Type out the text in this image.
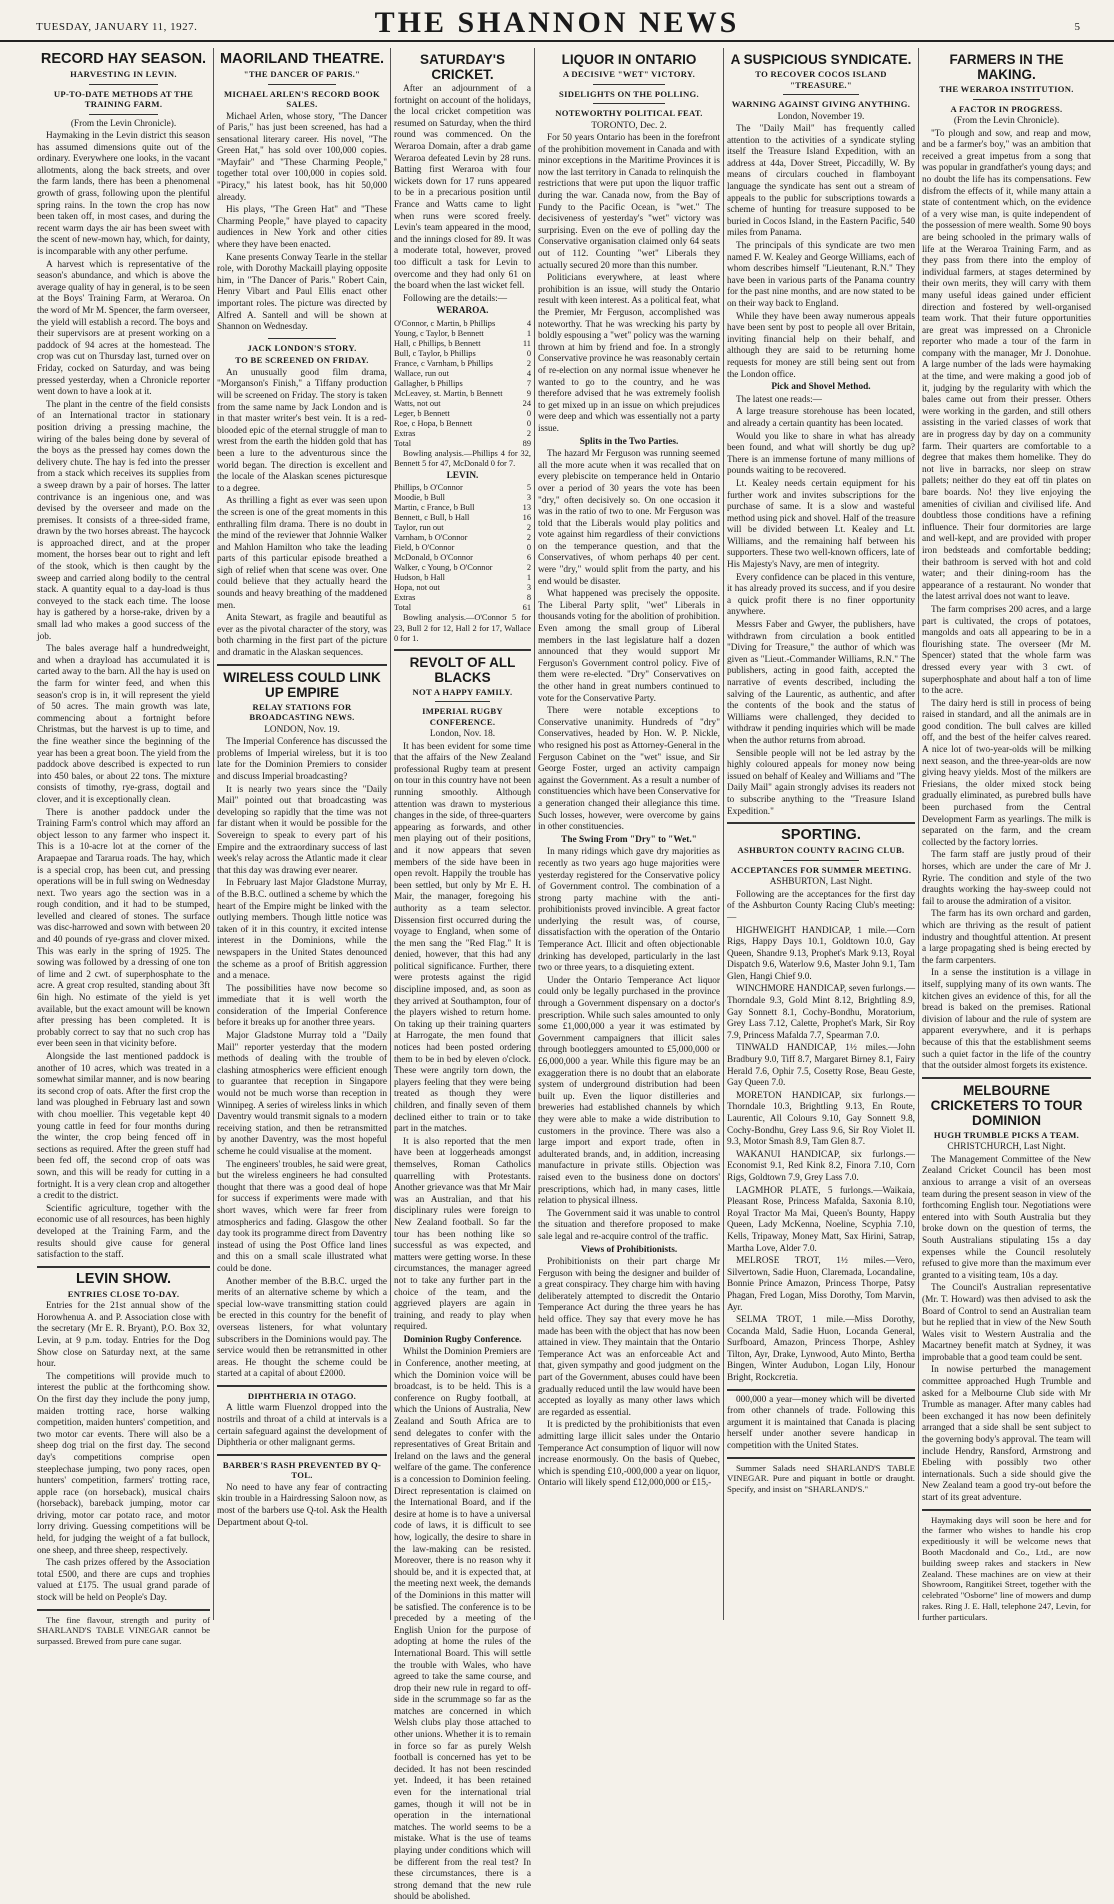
TUESDAY, JANUARY 11, 1927.	THE SHANNON NEWS	5
RECORD HAY SEASON.
HARVESTING IN LEVIN.
UP-TO-DATE METHODS AT THE TRAINING FARM.

(From the Levin Chronicle).

Haymaking in the Levin district this season has assumed dimensions quite out of the ordinary. Everywhere one looks, in the vacant allotments, along the back streets, and over the farm lands, there has been a phenomenal growth of grass, following upon the plentiful spring rains. In the town the crop has now been taken off, in most cases, and during the recent warm days the air has been sweet with the scent of new-mown hay, which, for dainty, is incomparable with any other perfume.

A harvest which is representative of the season's abundance, and which is above the average quality of hay in general, is to be seen at the Boys' Training Farm, at Weraroa. On the word of Mr M. Spencer, the farm overseer, the yield will establish a record. The boys and their supervisors are at present working on a paddock of 94 acres at the homestead. The crop was cut on Thursday last, turned over on Friday, cocked on Saturday, and was being pressed yesterday, when a Chronicle reporter went down to have a look at it.

The plant in the centre of the field consists of an International tractor in stationary position driving a pressing machine, the wiring of the bales being done by several of the boys as the pressed hay comes down the delivery chute. The hay is fed into the presser from a stack which receives its supplies from a sweep drawn by a pair of horses. The latter contrivance is an ingenious one, and was devised by the overseer and made on the premises. It consists of a three-sided frame, drawn by the two horses abreast. The haycock is approached direct, and at the proper moment, the horses bear out to right and left of the stook, which is then caught by the sweep and carried along bodily to the central stack. A quantity equal to a day-load is thus conveyed to the stack each time. The loose hay is gathered by a horse-rake, driven by a small lad who makes a good success of the job.

The bales average half a hundredweight, and when a drayload has accumulated it is carted away to the barn. All the hay is used on the farm for winter feed, and when this season's crop is in, it will represent the yield of 50 acres. The main growth was late, commencing about a fortnight before Christmas, but the harvest is up to time, and the fine weather since the beginning of the year has been a great boon. The yield from the paddock above described is expected to run into 450 bales, or about 22 tons. The mixture consists of timothy, rye-grass, dogtail and clover, and it is exceptionally clean.

There is another paddock under the Training Farm's control which may afford an object lesson to any farmer who inspect it. This is a 10-acre lot at the corner of the Arapaepae and Tararua roads. The hay, which is a special crop, has been cut, and pressing operations will be in full swing on Wednesday next. Two years ago the section was in a rough condition, and it had to be stumped, levelled and cleared of stones. The surface was disc-harrowed and sown with between 20 and 40 pounds of rye-grass and clover mixed. This was early in the spring of 1925. The sowing was followed by a dressing of one ton of lime and 2 cwt. of superphosphate to the acre. A great crop resulted, standing about 3ft 6in high. No estimate of the yield is yet available, but the exact amount will be known after pressing has been completed. It is probably correct to say that no such crop has ever been seen in that vicinity before.

Alongside the last mentioned paddock is another of 10 acres, which was treated in a somewhat similar manner, and is now bearing its second crop of oats. After the first crop the land was ploughed in February last and sown with chou moellier. This vegetable kept 40 young cattle in feed for four months during the winter, the crop being fenced off in sections as required. After the green stuff had been fed off, the second crop of oats was sown, and this will be ready for cutting in a fortnight. It is a very clean crop and altogether a credit to the district.

Scientific agriculture, together with the economic use of all resources, has been highly developed at the Training Farm, and the results should give cause for general satisfaction to the staff.

LEVIN SHOW.
ENTRIES CLOSE TO-DAY.

Entries for the 21st annual show of the Horowhenua A. and P. Association close with the secretary (Mr E. R. Bryant), P.O. Box 32, Levin, at 9 p.m. today. Entries for the Dog Show close on Saturday next, at the same hour.

The competitions will provide much to interest the public at the forthcoming show. On the first day they include the pony jump, maiden trotting race, horse walking competition, maiden hunters' competition, and two motor car events. There will also be a sheep dog trial on the first day. The second day's competitions comprise open steeplechase jumping, two pony races, open hunters' competition, farmers' trotting race, apple race (on horseback), musical chairs (horseback), bareback jumping, motor car driving, motor car potato race, and motor lorry driving. Guessing competitions will be held, for judging the weight of a fat bullock, one sheep, and three sheep, respectively.

The cash prizes offered by the Association total £500, and there are cups and trophies valued at £175. The usual grand parade of stock will be held on People's Day.

The fine flavour, strength and purity of SHARLAND'S TABLE VINEGAR cannot be surpassed. Brewed from pure cane sugar.

MAORILAND THEATRE.
"THE DANCER OF PARIS."
MICHAEL ARLEN'S RECORD BOOK SALES.

Michael Arlen, whose story, "The Dancer of Paris," has just been screened, has had a sensational literary career. His novel, "The Green Hat," has sold over 100,000 copies. "Mayfair" and "These Charming People," together total over 100,000 in copies sold. "Piracy," his latest book, has hit 50,000 already.

His plays, "The Green Hat" and "These Charming People," have played to capacity audiences in New York and other cities where they have been enacted.

Kane presents Conway Tearle in the stellar role, with Dorothy Mackaill playing opposite him, in "The Dancer of Paris." Robert Cain, Henry Vibart and Paul Ellis enact other important roles. The picture was directed by Alfred A. Santell and will be shown at Shannon on Wednesday.

JACK LONDON'S STORY.
TO BE SCREENED ON FRIDAY.

An unusually good film drama, "Morganson's Finish," a Tiffany production will be screened on Friday. The story is taken from the same name by Jack London and is in that master writer's best vein. It is a red-blooded epic of the eternal struggle of man to wrest from the earth the hidden gold that has been a lure to the adventurous since the world began. The direction is excellent and the locale of the Alaskan scenes picturesque to a degree.

As thrilling a fight as ever was seen upon the screen is one of the great moments in this enthralling film drama. There is no doubt in the mind of the reviewer that Johnnie Walker and Mahlon Hamilton who take the leading parts of this particular episode breathed a sigh of relief when that scene was over. One could believe that they actually heard the sounds and heavy breathing of the maddened men.

Anita Stewart, as fragile and beautiful as ever as the pivotal character of the story, was both charming in the first part of the picture and dramatic in the Alaskan sequences.

WIRELESS COULD LINK UP EMPIRE
RELAY STATIONS FOR BROADCASTING NEWS.

LONDON, Nov. 19.

The Imperial Conference has discussed the problems of Imperial wireless, but it is too late for the Dominion Premiers to consider and discuss Imperial broadcasting?

It is nearly two years since the "Daily Mail" pointed out that broadcasting was developing so rapidly that the time was not far distant when it would be possible for the Sovereign to speak to every part of his Empire and the extraordinary success of last week's relay across the Atlantic made it clear that this day was drawing ever nearer.

In February last Major Gladstone Murray, of the B.B.C. outlined a scheme by which the heart of the Empire might be linked with the outlying members. Though little notice was taken of it in this country, it excited intense interest in the Dominions, while the newspapers in the United States denounced the scheme as a proof of British aggression and a menace.

The possibilities have now become so immediate that it is well worth the consideration of the Imperial Conference before it breaks up for another three years.

Major Gladstone Murray told a "Daily Mail" reporter yesterday that the modern methods of dealing with the trouble of clashing atmospherics were efficient enough to guarantee that reception in Singapore would not be much worse than reception in Winnipeg. A series of wireless links in which Daventry would transmit signals to a modern receiving station, and then be retransmitted by another Daventry, was the most hopeful scheme he could visualise at the moment.

The engineers' troubles, he said were great, but the wireless engineers he had consulted thought that there was a good deal of hope for success if experiments were made with short waves, which were far freer from atmospherics and fading. Glasgow the other day took its programme direct from Daventry instead of using the Post Office land lines and this on a small scale illustrated what could be done.

Another member of the B.B.C. urged the merits of an alternative scheme by which a special low-wave transmitting station could be erected in this country for the benefit of overseas listeners, for what voluntary subscribers in the Dominions would pay. The service would then be retransmitted in other areas. He thought the scheme could be started at a capital of about £2000.

DIPHTHERIA IN OTAGO.

A little warm Fluenzol dropped into the nostrils and throat of a child at intervals is a certain safeguard against the development of Diphtheria or other malignant germs.

BARBER'S RASH PREVENTED BY Q-TOL.

No need to have any fear of contracting skin trouble in a Hairdressing Saloon now, as most of the barbers use Q-tol. Ask the Health Department about Q-tol.

SATURDAY'S CRICKET.

After an adjournment of a fortnight on account of the holidays, the local cricket competition was resumed on Saturday, when the third round was commenced. On the Weraroa Domain, after a drab game Weraroa defeated Levin by 28 runs. Batting first Weraroa with four wickets down for 17 runs appeared to be in a precarious position until France and Watts came to light when runs were scored freely. Levin's team appeared in the mood, and the innings closed for 89. It was a moderate total, however, proved too difficult a task for Levin to overcome and they had only 61 on the board when the last wicket fell.

Following are the details:—

WERAROA.

O'Connor, c Martin, b Phillips	4
Young, c Taylor, b Bennett	1
Hall, c Phillips, b Bennett	11
Bull, c Taylor, b Phillips	0
France, c Varnham, b Phillips	2
Wallace, run out	4
Gallagher, b Phillips	7
McLeavey, st. Martin, b Bennett	9
Watts, not out	24
Leger, b Bennett	0
Roe, c Hopa, b Bennett	0
Extras	2
Total	89

Bowling analysis.—Phillips 4 for 32, Bennett 5 for 47, McDonald 0 for 7.

LEVIN.

Phillips, b O'Connor	5
Moodie, b Bull	3
Martin, c France, b Bull	13
Bennett, c Bull, b Hall	16
Taylor, run out	2
Varnham, b O'Connor	2
Field, b O'Connor	0
McDonald, b O'Connor	6
Walker, c Young, b O'Connor	2
Hudson, b Hall	1
Hopa, not out	3
Extras	8
Total	61

Bowling analysis.—O'Connor 5 for 23, Bull 2 for 12, Hall 2 for 17, Wallace 0 for 1.

REVOLT OF ALL BLACKS
NOT A HAPPY FAMILY.
IMPERIAL RUGBY CONFERENCE.

London, Nov. 18.

It has been evident for some time that the affairs of the New Zealand professional Rugby team at present on tour in this country have not been running smoothly. Although attention was drawn to mysterious changes in the side, of three-quarters appearing as forwards, and other men playing out of their positions, and it now appears that seven members of the side have been in open revolt. Happily the trouble has been settled, but only by Mr E. H. Mair, the manager, foregoing his authority as a team selector. Dissension first occurred during the voyage to England, when some of the men sang the "Red Flag." It is denied, however, that this had any political significance. Further, there were protests against the rigid discipline imposed, and, as soon as they arrived at Southampton, four of the players wished to return home. On taking up their training quarters at Harrogate, the men found that notices had been posted ordering them to be in bed by eleven o'clock. These were angrily torn down, the players feeling that they were being treated as though they were children, and finally seven of them declined either to train or to take part in the matches.

It is also reported that the men have been at loggerheads amongst themselves, Roman Catholics quarrelling with Protestants. Another grievance was that Mr Mair was an Australian, and that his disciplinary rules were foreign to New Zealand football. So far the tour has been nothing like so successful as was expected, and matters were getting worse. In these circumstances, the manager agreed not to take any further part in the choice of the team, and the aggrieved players are again in training, and ready to play when required.

Dominion Rugby Conference.

Whilst the Dominion Premiers are in Conference, another meeting, at which the Dominion voice will be broadcast, is to be held. This is a conference on Rugby football, at which the Unions of Australia, New Zealand and South Africa are to send delegates to confer with the representatives of Great Britain and Ireland on the laws and the general welfare of the game. The conference is a concession to Dominion feeling. Direct representation is claimed on the International Board, and if the desire at home is to have a universal code of laws, it is difficult to see how, logically, the desire to share in the law-making can be resisted. Moreover, there is no reason why it should be, and it is expected that, at the meeting next week, the demands of the Dominions in this matter will be satisfied. The conference is to be preceded by a meeting of the English Union for the purpose of adopting at home the rules of the International Board. This will settle the trouble with Wales, who have agreed to take the same course, and drop their new rule in regard to off-side in the scrummage so far as the matches are concerned in which Welsh clubs play those attached to other unions. Whether it is to remain in force so far as purely Welsh football is concerned has yet to be decided. It has not been rescinded yet. Indeed, it has been retained even for the international trial games, though it will not be in operation in the international matches. The world seems to be a mistake. What is the use of teams playing under conditions which will be different from the real test? In these circumstances, there is a strong demand that the new rule should be abolished.

LIQUOR IN ONTARIO
A DECISIVE "WET" VICTORY.
SIDELIGHTS ON THE POLLING.
NOTEWORTHY POLITICAL FEAT.

TORONTO, Dec. 2.

For 50 years Ontario has been in the forefront of the prohibition movement in Canada and with minor exceptions in the Maritime Provinces it is now the last territory in Canada to relinquish the restrictions that were put upon the liquor traffic during the war. Canada now, from the Bay of Fundy to the Pacific Ocean, is "wet." The decisiveness of yesterday's "wet" victory was surprising. Even on the eve of polling day the Conservative organisation claimed only 64 seats out of 112. Counting "wet" Liberals they actually secured 20 more than this number.

Politicians everywhere, at least where prohibition is an issue, will study the Ontario result with keen interest. As a political feat, what the Premier, Mr Ferguson, accomplished was noteworthy. That he was wrecking his party by boldly espousing a "wet" policy was the warning thrown at him by friend and foe. In a strongly Conservative province he was reasonably certain of re-election on any normal issue whenever he wanted to go to the country, and he was therefore advised that he was extremely foolish to get mixed up in an issue on which prejudices were deep and which was essentially not a party issue.

Splits in the Two Parties.

The hazard Mr Ferguson was running seemed all the more acute when it was recalled that on every plebiscite on temperance held in Ontario over a period of 30 years the vote has been "dry," often decisively so. On one occasion it was in the ratio of two to one. Mr Ferguson was told that the Liberals would play politics and vote against him regardless of their convictions on the temperance question, and that the Conservatives, of whom perhaps 40 per cent. were "dry," would split from the party, and his end would be disaster.

What happened was precisely the opposite. The Liberal Party split, "wet" Liberals in thousands voting for the abolition of prohibition. Even among the small group of Liberal members in the last legislature half a dozen announced that they would support Mr Ferguson's Government control policy. Five of them were re-elected. "Dry" Conservatives on the other hand in great numbers continued to vote for the Conservative Party.

There were notable exceptions to Conservative unanimity. Hundreds of "dry" Conservatives, headed by Hon. W. P. Nickle, who resigned his post as Attorney-General in the Ferguson Cabinet on the "wet" issue, and Sir George Foster, urged an activity campaign against the Government. As a result a number of constituencies which have been Conservative for a generation changed their allegiance this time. Such losses, however, were overcome by gains in other constituencies.

The Swing From "Dry" to "Wet."

In many ridings which gave dry majorities as recently as two years ago huge majorities were yesterday registered for the Conservative policy of Government control. The combination of a strong party machine with the anti-prohibitionists proved invincible. A great factor underlying the result was, of course, dissatisfaction with the operation of the Ontario Temperance Act. Illicit and often objectionable drinking has developed, particularly in the last two or three years, to a disquieting extent.

Under the Ontario Temperance Act liquor could only be legally purchased in the province through a Government dispensary on a doctor's prescription. While such sales amounted to only some £1,000,000 a year it was estimated by Government campaigners that illicit sales through bootleggers amounted to £5,000,000 or £6,000,000 a year. While this figure may be an exaggeration there is no doubt that an elaborate system of underground distribution had been built up. Even the liquor distilleries and breweries had established channels by which they were able to make a wide distribution to customers in the province. There was also a large import and export trade, often in adulterated brands, and, in addition, increasing manufacture in private stills. Objection was raised even to the business done on doctors' prescriptions, which had, in many cases, little relation to physical illness.

The Government said it was unable to control the situation and therefore proposed to make sale legal and re-acquire control of the traffic.

Views of Prohibitionists.

Prohibitionists on their part charge Mr Ferguson with being the designer and builder of a great conspiracy. They charge him with having deliberately attempted to discredit the Ontario Temperance Act during the three years he has held office. They say that every move he has made has been with the object that has now been attained in view. They maintain that the Ontario Temperance Act was an enforceable Act and that, given sympathy and good judgment on the part of the Government, abuses could have been gradually reduced until the law would have been accepted as loyally as many other laws which are regarded as essential.

It is predicted by the prohibitionists that even admitting large illicit sales under the Ontario Temperance Act consumption of liquor will now increase enormously. On the basis of Quebec, which is spending £10,-000,000 a year on liquor, Ontario will likely spend £12,000,000 or £15,-

A SUSPICIOUS SYNDICATE.
TO RECOVER COCOS ISLAND "TREASURE."
WARNING AGAINST GIVING ANYTHING.

London, November 19.

The "Daily Mail" has frequently called attention to the activities of a syndicate styling itself the Treasure Island Expedition, with an address at 44a, Dover Street, Piccadilly, W. By means of circulars couched in flamboyant language the syndicate has sent out a stream of appeals to the public for subscriptions towards a scheme of hunting for treasure supposed to be buried in Cocos Island, in the Eastern Pacific, 540 miles from Panama.

The principals of this syndicate are two men named F. W. Kealey and George Williams, each of whom describes himself "Lieutenant, R.N." They have been in various parts of the Panama country for the past nine months, and are now stated to be on their way back to England.

While they have been away numerous appeals have been sent by post to people all over Britain, inviting financial help on their behalf, and although they are said to be returning home requests for money are still being sent out from the London office.

Pick and Shovel Method.

The latest one reads:—

A large treasure storehouse has been located, and already a certain quantity has been located.

Would you like to share in what has already been found, and what will shortly be dug up? There is an immense fortune of many millions of pounds waiting to be recovered.

Lt. Kealey needs certain equipment for his further work and invites subscriptions for the purchase of same. It is a slow and wasteful method using pick and shovel. Half of the treasure will be divided between Lt. Kealey and Lt. Williams, and the remaining half between his supporters. These two well-known officers, late of His Majesty's Navy, are men of integrity.

Every confidence can be placed in this venture, it has already proved its success, and if you desire a quick profit there is no finer opportunity anywhere.

Messrs Faber and Gwyer, the publishers, have withdrawn from circulation a book entitled "Diving for Treasure," the author of which was given as "Lieut.-Commander Williams, R.N." The publishers, acting in good faith, accepted the narrative of events described, including the salving of the Laurentic, as authentic, and after the contents of the book and the status of Williams were challenged, they decided to withdraw it pending inquiries which will be made when the author returns from abroad.

Sensible people will not be led astray by the highly coloured appeals for money now being issued on behalf of Kealey and Williams and "The Daily Mail" again strongly advises its readers not to subscribe anything to the "Treasure Island Expedition."

SPORTING.
ASHBURTON COUNTY RACING CLUB.
ACCEPTANCES FOR SUMMER MEETING.

ASHBURTON, Last Night.

Following are the acceptances for the first day of the Ashburton County Racing Club's meeting:—

HIGHWEIGHT HANDICAP, 1 mile.—Corn Rigs, Happy Days 10.1, Goldtown 10.0, Gay Queen, Shandre 9.13, Prophet's Mark 9.13, Royal Dispatch 9.6, Waterlow 9.6, Master John 9.1, Tam Glen, Hangi Chief 9.0.

WINCHMORE HANDICAP, seven furlongs.—Thorndale 9.3, Gold Mint 8.12, Brightling 8.9, Gay Sonnett 8.1, Cochy-Bondhu, Moratorium, Grey Lass 7.12, Calette, Prophet's Mark, Sir Roy 7.9, Princess Mafalda 7.7, Spearman 7.0.

TINWALD HANDICAP, 1½ miles.—John Bradbury 9.0, Tiff 8.7, Margaret Birney 8.1, Fairy Herald 7.6, Ophir 7.5, Cosetty Rose, Beau Geste, Gay Queen 7.0.

MORETON HANDICAP, six furlongs.—Thorndale 10.3, Brightling 9.13, En Route, Laurentic, All Colours 9.10, Gay Sonnett 9.8, Cochy-Bondhu, Grey Lass 9.6, Sir Roy Violet II. 9.3, Motor Smash 8.9, Tam Glen 8.7.

WAKANUI HANDICAP, six furlongs.—Economist 9.1, Red Kink 8.2, Finora 7.10, Corn Rigs, Goldtown 7.9, Grey Lass 7.0.

LAGMHOR PLATE, 5 furlongs.—Waikaia, Pleasant Rose, Princess Mafalda, Saxonia 8.10, Royal Tractor Ma Mai, Queen's Bounty, Happy Queen, Lady McKenna, Noeline, Scyphia 7.10, Kells, Tripaway, Money Matt, Sax Hirini, Satrap, Martha Love, Alder 7.0.

MELROSE TROT, 1½ miles.—Vero, Silvertown, Sadie Huon, Claremada, Locandaline, Bonnie Prince Amazon, Princess Thorpe, Patsy Phagan, Fred Logan, Miss Dorothy, Tom Marvin, Ayr.

SELMA TROT, 1 mile.—Miss Dorothy, Cocanda Mald, Sadie Huon, Locanda General, Surfboard, Amazon, Princess Thorpe, Ashley Tilton, Ayr, Drake, Lynwood, Auto Minto, Bertha Bingen, Winter Audubon, Logan Lily, Honour Bright, Rockcretia.

000,000 a year—money which will be diverted from other channels of trade. Following this argument it is maintained that Canada is placing herself under another severe handicap in competition with the United States.

Summer Salads need SHARLAND'S TABLE VINEGAR. Pure and piquant in bottle or draught. Specify, and insist on "SHARLAND'S."

FARMERS IN THE MAKING.
THE WERAROA INSTITUTION.
A FACTOR IN PROGRESS.

(From the Levin Chronicle).

"To plough and sow, and reap and mow, and be a farmer's boy," was an ambition that received a great impetus from a song that was popular in grandfather's young days; and no doubt the life has its compensations. Few disfrom the effects of it, while many attain a state of contentment which, on the evidence of a very wise man, is quite independent of the possession of mere wealth. Some 90 boys are being schooled in the primary walls of life at the Weraroa Training Farm, and as they pass from there into the employ of individual farmers, at stages determined by their own merits, they will carry with them many useful ideas gained under efficient direction and fostered by well-organised team work. That their future opportunities are great was impressed on a Chronicle reporter who made a tour of the farm in company with the manager, Mr J. Donohue. A large number of the lads were haymaking at the time, and were making a good job of it, judging by the regularity with which the bales came out from their presser. Others were working in the garden, and still others assisting in the varied classes of work that are in progress day by day on a community farm. Their quarters are comfortable to a degree that makes them homelike. They do not live in barracks, nor sleep on straw pallets; neither do they eat off tin plates on bare boards. No! they live enjoying the amenities of civilian and civilised life. And doubtless those conditions have a refining influence. Their four dormitories are large and well-kept, and are provided with proper iron bedsteads and comfortable bedding; their bathroom is served with hot and cold water; and their dining-room has the appearance of a restaurant. No wonder that the latest arrival does not want to leave.

The farm comprises 200 acres, and a large part is cultivated, the crops of potatoes, mangolds and oats all appearing to be in a flourishing state. The overseer (Mr M. Spencer) stated that the whole farm was dressed every year with 3 cwt. of superphosphate and about half a ton of lime to the acre.

The dairy herd is still in process of being raised in standard, and all the animals are in good condition. The bull calves are killed off, and the best of the heifer calves reared. A nice lot of two-year-olds will be milking next season, and the three-year-olds are now giving heavy yields. Most of the milkers are Friesians, the older mixed stock being gradually eliminated, as purebred bulls have been purchased from the Central Development Farm as yearlings. The milk is separated on the farm, and the cream collected by the factory lorries.

The farm staff are justly proud of their horses, which are under the care of Mr J. Ryrie. The condition and style of the two draughts working the hay-sweep could not fail to arouse the admiration of a visitor.

The farm has its own orchard and garden, which are thriving as the result of patient industry and thoughtful attention. At present a large propagating shed is being erected by the farm carpenters.

In a sense the institution is a village in itself, supplying many of its own wants. The kitchen gives an evidence of this, for all the bread is baked on the premises. Rational division of labour and the rule of system are apparent everywhere, and it is perhaps because of this that the establishment seems such a quiet factor in the life of the country that the outsider almost forgets its existence.

MELBOURNE CRICKETERS TO TOUR DOMINION
HUGH TRUMBLE PICKS A TEAM.

CHRISTCHURCH, Last Night.

The Management Committee of the New Zealand Cricket Council has been most anxious to arrange a visit of an overseas team during the present season in view of the forthcoming English tour. Negotiations were entered into with South Australia but they broke down on the question of terms, the South Australians stipulating 15s a day expenses while the Council resolutely refused to give more than the maximum ever granted to a visiting team, 10s a day.

The Council's Australian representative (Mr. T. Howard) was then advised to ask the Board of Control to send an Australian team but he replied that in view of the New South Wales visit to Western Australia and the Macartney benefit match at Sydney, it was improbable that a good team could be sent.

In nowise perturbed the management committee approached Hugh Trumble and asked for a Melbourne Club side with Mr Trumble as manager. After many cables had been exchanged it has now been definitely arranged that a side shall be sent subject to the governing body's approval. The team will include Hendry, Ransford, Armstrong and Ebeling with possibly two other internationals. Such a side should give the New Zealand team a good try-out before the start of its great adventure.

Haymaking days will soon be here and for the farmer who wishes to handle his crop expeditiously it will be welcome news that Booth Macdonald and Co., Ltd., are now building sweep rakes and stackers in New Zealand. These machines are on view at their Showroom, Rangitikei Street, together with the celebrated "Osborne" line of mowers and dump rakes. Ring J. E. Hall, telephone 247, Levin, for further particulars.
